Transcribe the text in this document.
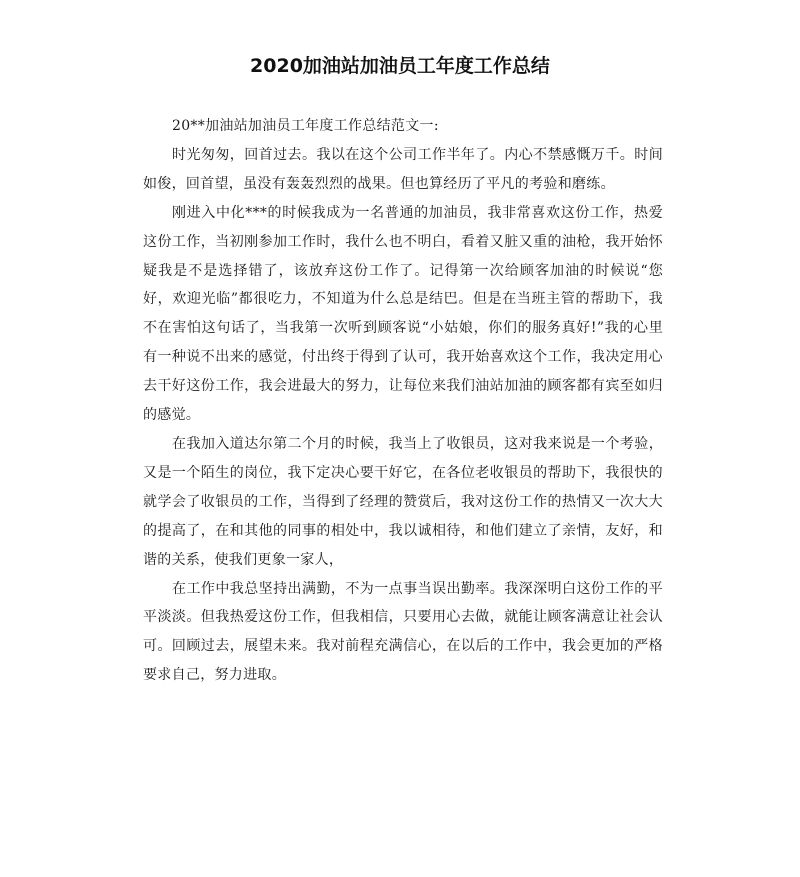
2020加油站加油员工年度工作总结

20**加油站加油员工年度工作总结范文一:

时光匆匆，回首过去。我以在这个公司工作半年了。内心不禁感慨万千。时间如俊，回首望，虽没有轰轰烈烈的战果。但也算经历了平凡的考验和磨练。

刚进入中化***的时候我成为一名普通的加油员，我非常喜欢这份工作，热爱这份工作，当初刚参加工作时，我什么也不明白，看着又脏又重的油枪，我开始怀疑我是不是选择错了，该放弃这份工作了。记得第一次给顾客加油的时候说“您好，欢迎光临”都很吃力，不知道为什么总是结巴。但是在当班主管的帮助下，我不在害怕这句话了，当我第一次听到顾客说“小姑娘，你们的服务真好!”我的心里有一种说不出来的感觉，付出终于得到了认可，我开始喜欢这个工作，我决定用心去干好这份工作，我会进最大的努力，让每位来我们油站加油的顾客都有宾至如归的感觉。

在我加入道达尔第二个月的时候，我当上了收银员，这对我来说是一个考验，又是一个陌生的岗位，我下定决心要干好它，在各位老收银员的帮助下，我很快的就学会了收银员的工作，当得到了经理的赞赏后，我对这份工作的热情又一次大大的提高了，在和其他的同事的相处中，我以诚相待，和他们建立了亲情，友好，和谐的关系，使我们更象一家人，

在工作中我总坚持出满勤，不为一点事当误出勤率。我深深明白这份工作的平平淡淡。但我热爱这份工作，但我相信，只要用心去做，就能让顾客满意让社会认可。回顾过去，展望未来。我对前程充满信心，在以后的工作中，我会更加的严格要求自己，努力进取。
